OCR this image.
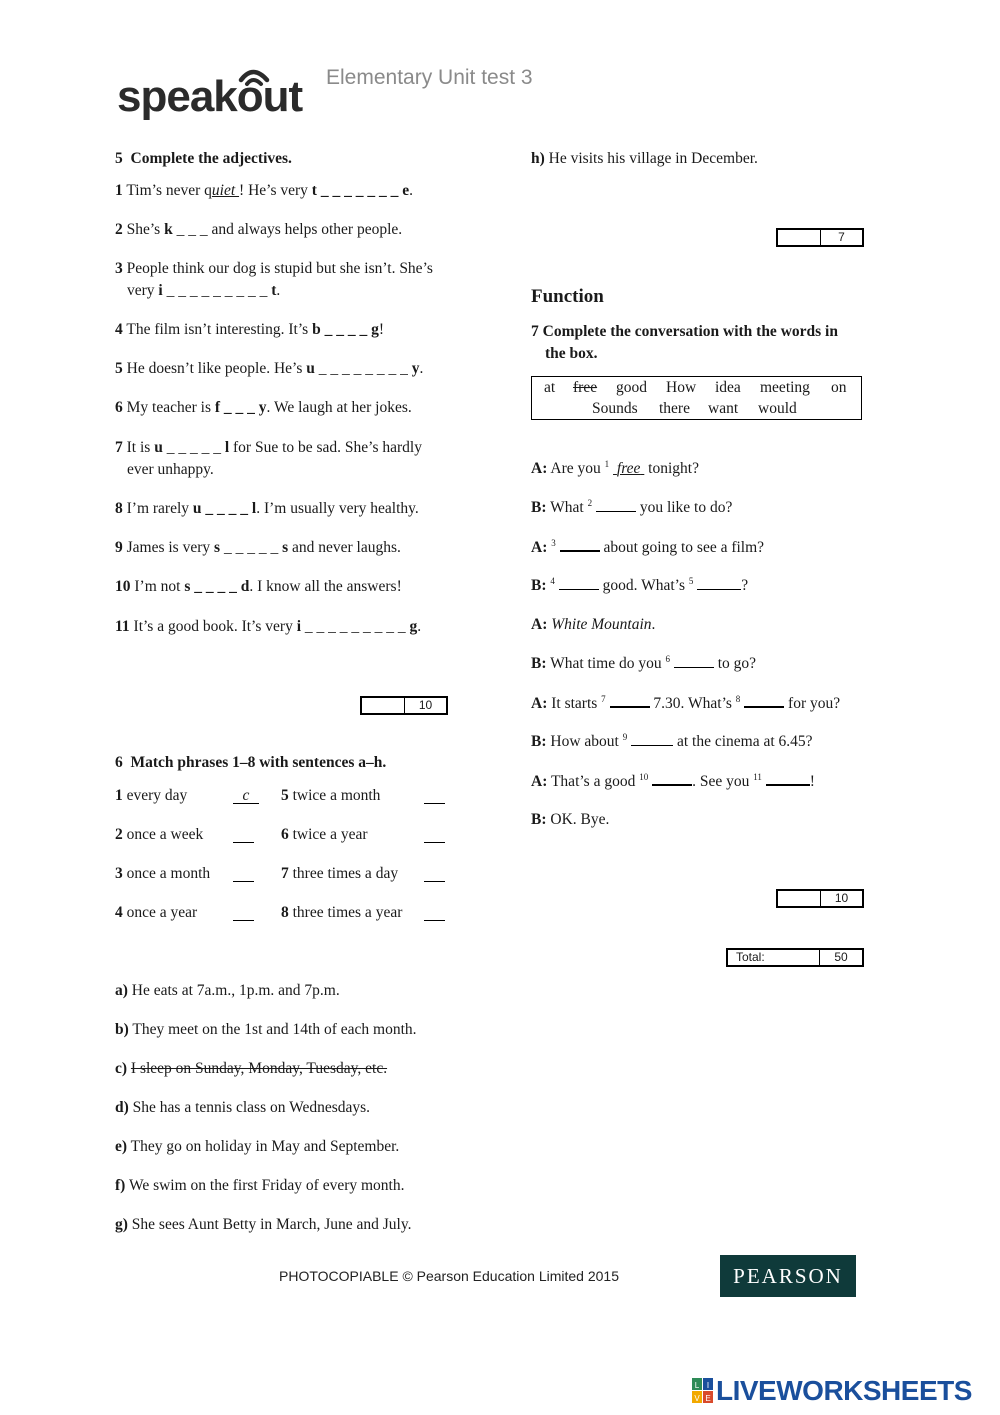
speakout Elementary Unit test 3
5 Complete the adjectives.
1 Tim’s never quiet ! He’s very t _ _ _ _ _ _ _ e.
2 She’s k _ _ _ and always helps other people.
3 People think our dog is stupid but she isn’t. She’s
very i _ _ _ _ _ _ _ _ _ t.
4 The film isn’t interesting. It’s b _ _ _ _ g!
5 He doesn’t like people. He’s u _ _ _ _ _ _ _ _ y.
6 My teacher is f _ _ _ y. We laugh at her jokes.
7 It is u _ _ _ _ _ l for Sue to be sad. She’s hardly
ever unhappy.
8 I’m rarely u _ _ _ _ l. I’m usually very healthy.
9 James is very s _ _ _ _ _ s and never laughs.
10 I’m not s _ _ _ _ d. I know all the answers!
11 It’s a good book. It’s very i _ _ _ _ _ _ _ _ _ g.
10
6 Match phrases 1–8 with sentences a–h.
1 every day	c	5 twice a month
2 once a week	6 twice a year
3 once a month	7 three times a day
4 once a year	8 three times a year
a) He eats at 7a.m., 1p.m. and 7p.m.
b) They meet on the 1st and 14th of each month.
c) I sleep on Sunday, Monday, Tuesday, etc.
d) She has a tennis class on Wednesdays.
e) They go on holiday in May and September.
f) We swim on the first Friday of every month.
g) She sees Aunt Betty in March, June and July.
h) He visits his village in December.
7
Function
7 Complete the conversation with the words in
the box.
at free good How idea meeting on
Sounds there want would
A: Are you $^1$ free  tonight?
B: What $^2$	you like to do?
A: $^3$	about going to see a film?
B: $^4$	good. What’s $^5$	?
A: White Mountain.
B: What time do you $^6$	to go?
A: It starts $^7$	7.30. What’s $^8$	for you?
B: How about $^9$	at the cinema at 6.45?
A: That’s a good $^{10}$	. See you $^{11}$	!
B: OK. Bye.
10
Total:	50
PHOTOCOPIABLE © Pearson Education Limited 2015	PEARSON
L I
V E LIVEWORKSHEETS
